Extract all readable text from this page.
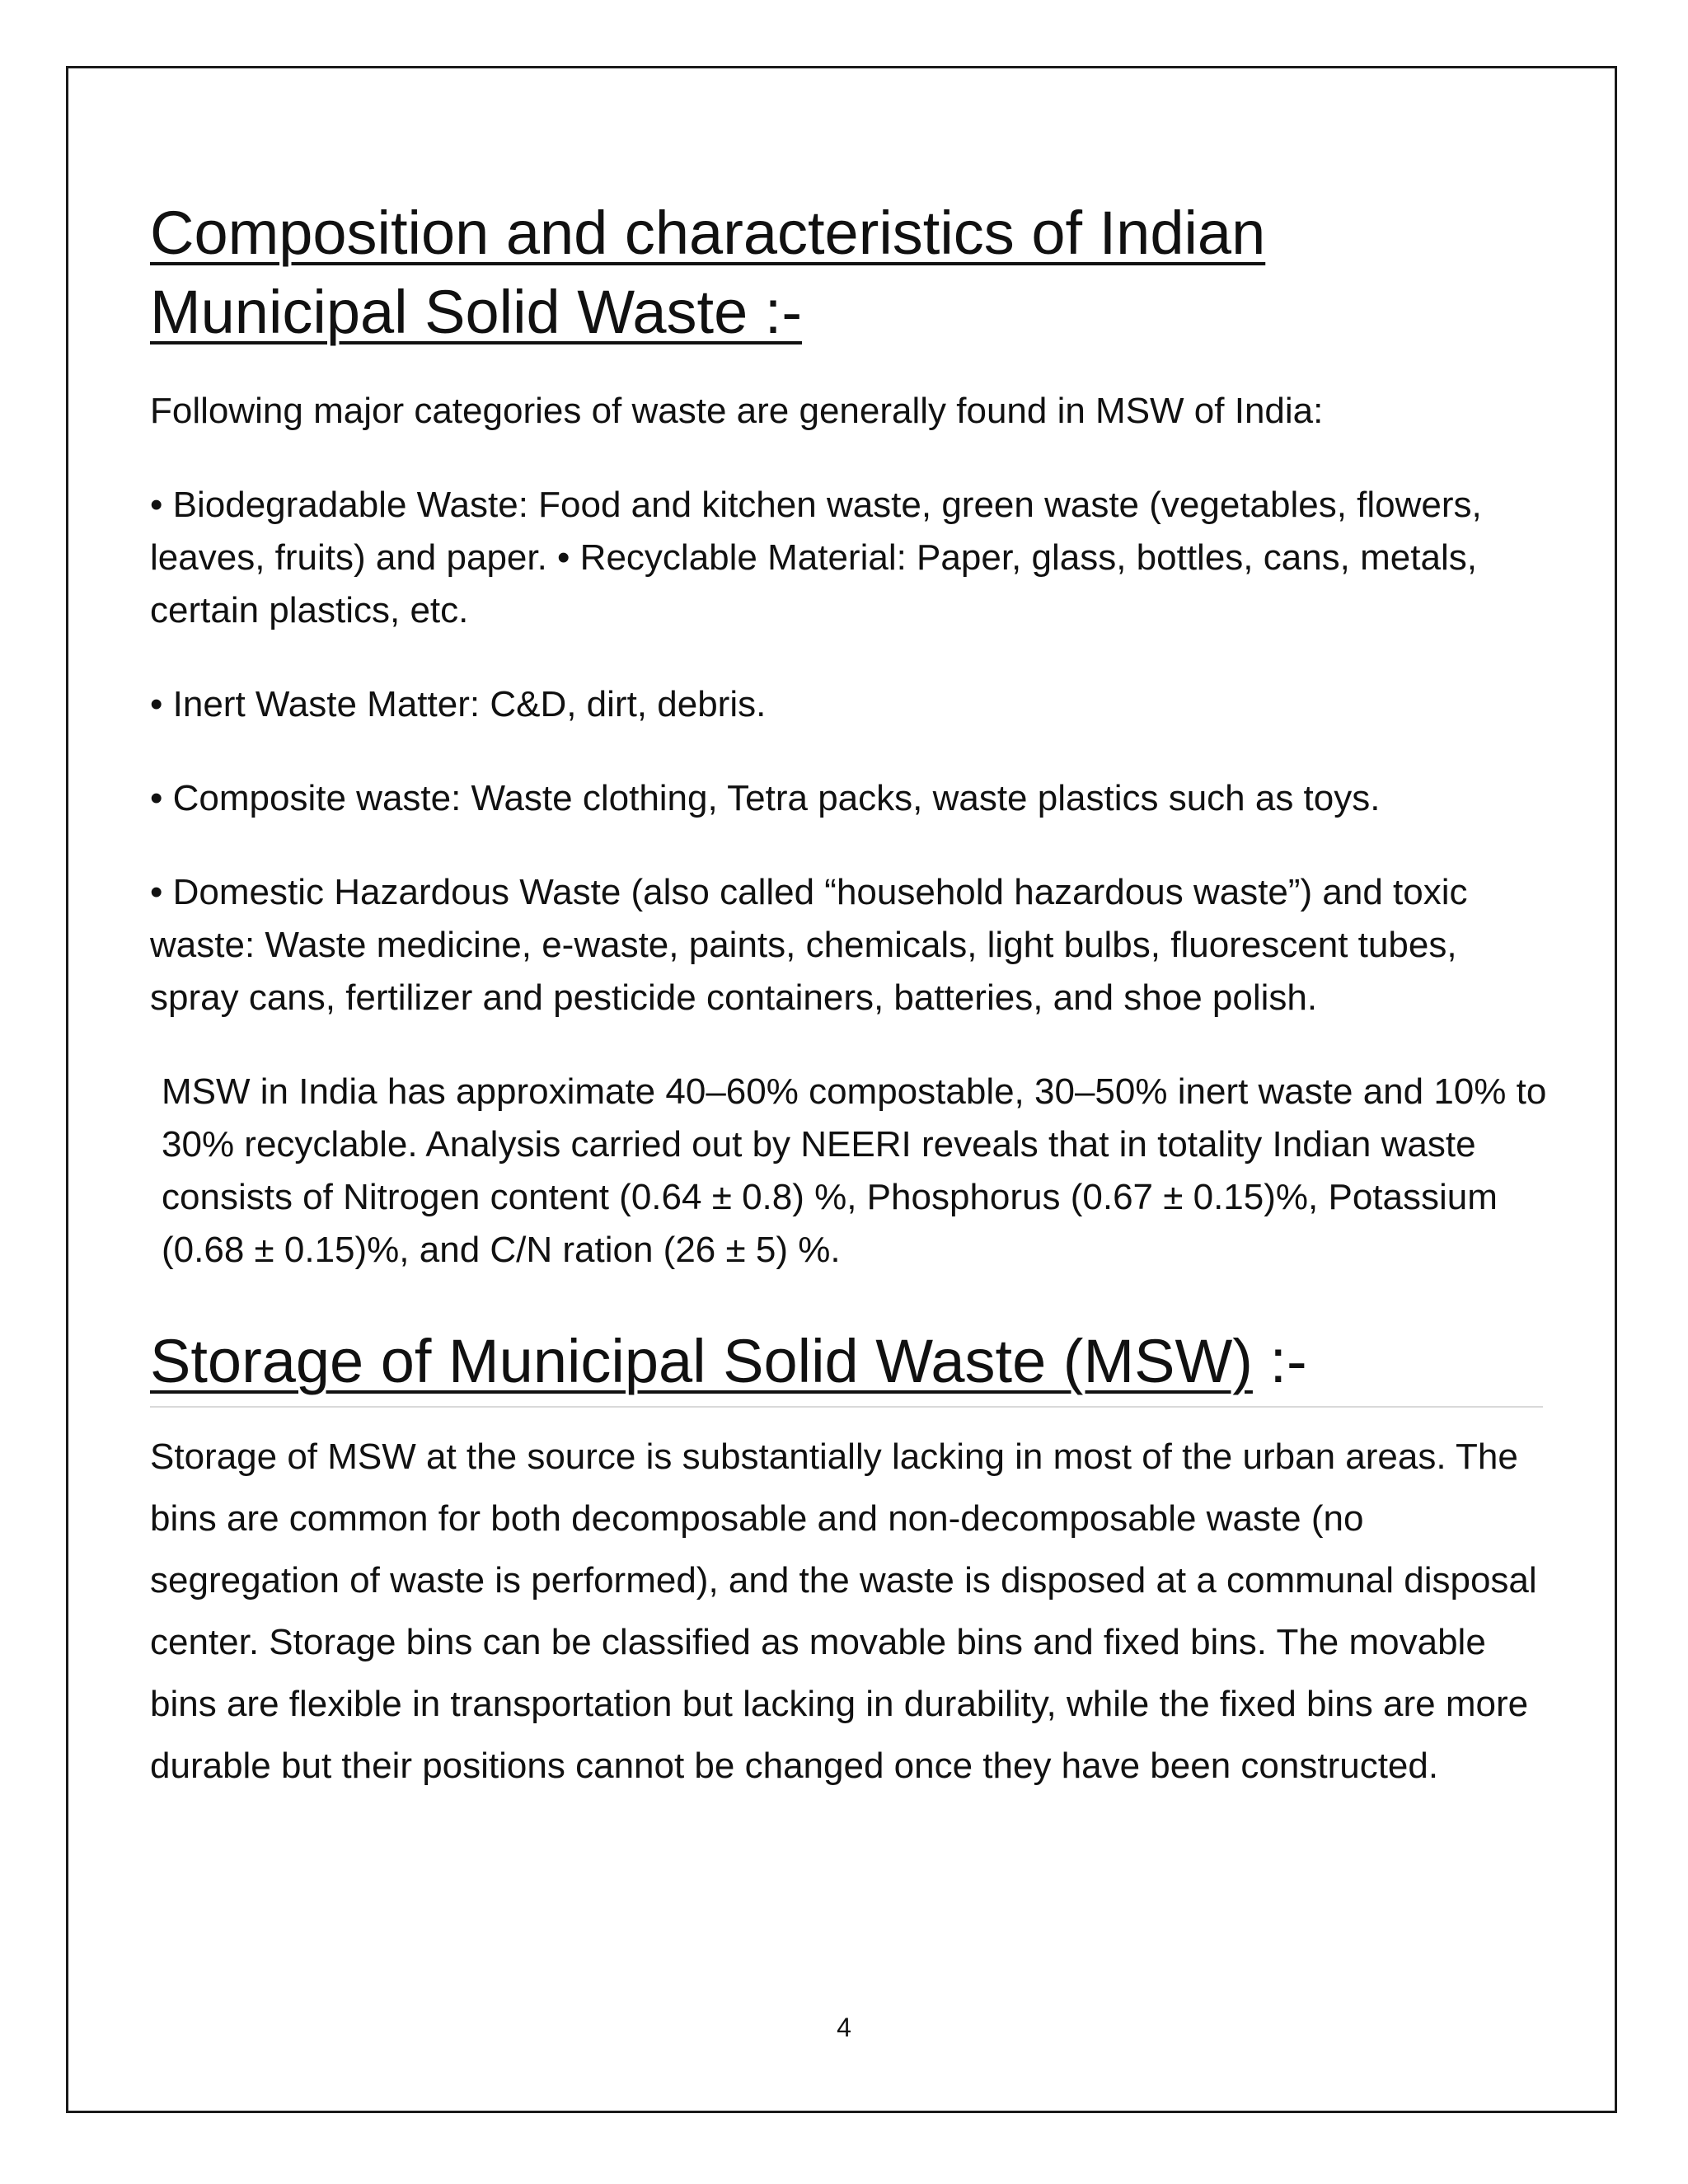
Composition and characteristics of Indian
Municipal Solid Waste :-

Following major categories of waste are generally found in MSW of India:

• Biodegradable Waste: Food and kitchen waste, green waste (vegetables, flowers, leaves, fruits) and paper. • Recyclable Material: Paper, glass, bottles, cans, metals, certain plastics, etc.

• Inert Waste Matter: C&D, dirt, debris.

• Composite waste: Waste clothing, Tetra packs, waste plastics such as toys.

• Domestic Hazardous Waste (also called “household hazardous waste”) and toxic waste: Waste medicine, e-waste, paints, chemicals, light bulbs, fluorescent tubes, spray cans, fertilizer and pesticide containers, batteries, and shoe polish.

MSW in India has approximate 40–60% compostable, 30–50% inert waste and 10% to 30% recyclable. Analysis carried out by NEERI reveals that in totality Indian waste consists of Nitrogen content (0.64 ± 0.8) %, Phosphorus (0.67 ± 0.15)%, Potassium (0.68 ± 0.15)%, and C/N ration (26 ± 5) %.

Storage of Municipal Solid Waste (MSW) :-

Storage of MSW at the source is substantially lacking in most of the urban areas. The bins are common for both decomposable and non-decomposable waste (no segregation of waste is performed), and the waste is disposed at a communal disposal center. Storage bins can be classified as movable bins and fixed bins. The movable bins are flexible in transportation but lacking in durability, while the fixed bins are more durable but their positions cannot be changed once they have been constructed.

4
